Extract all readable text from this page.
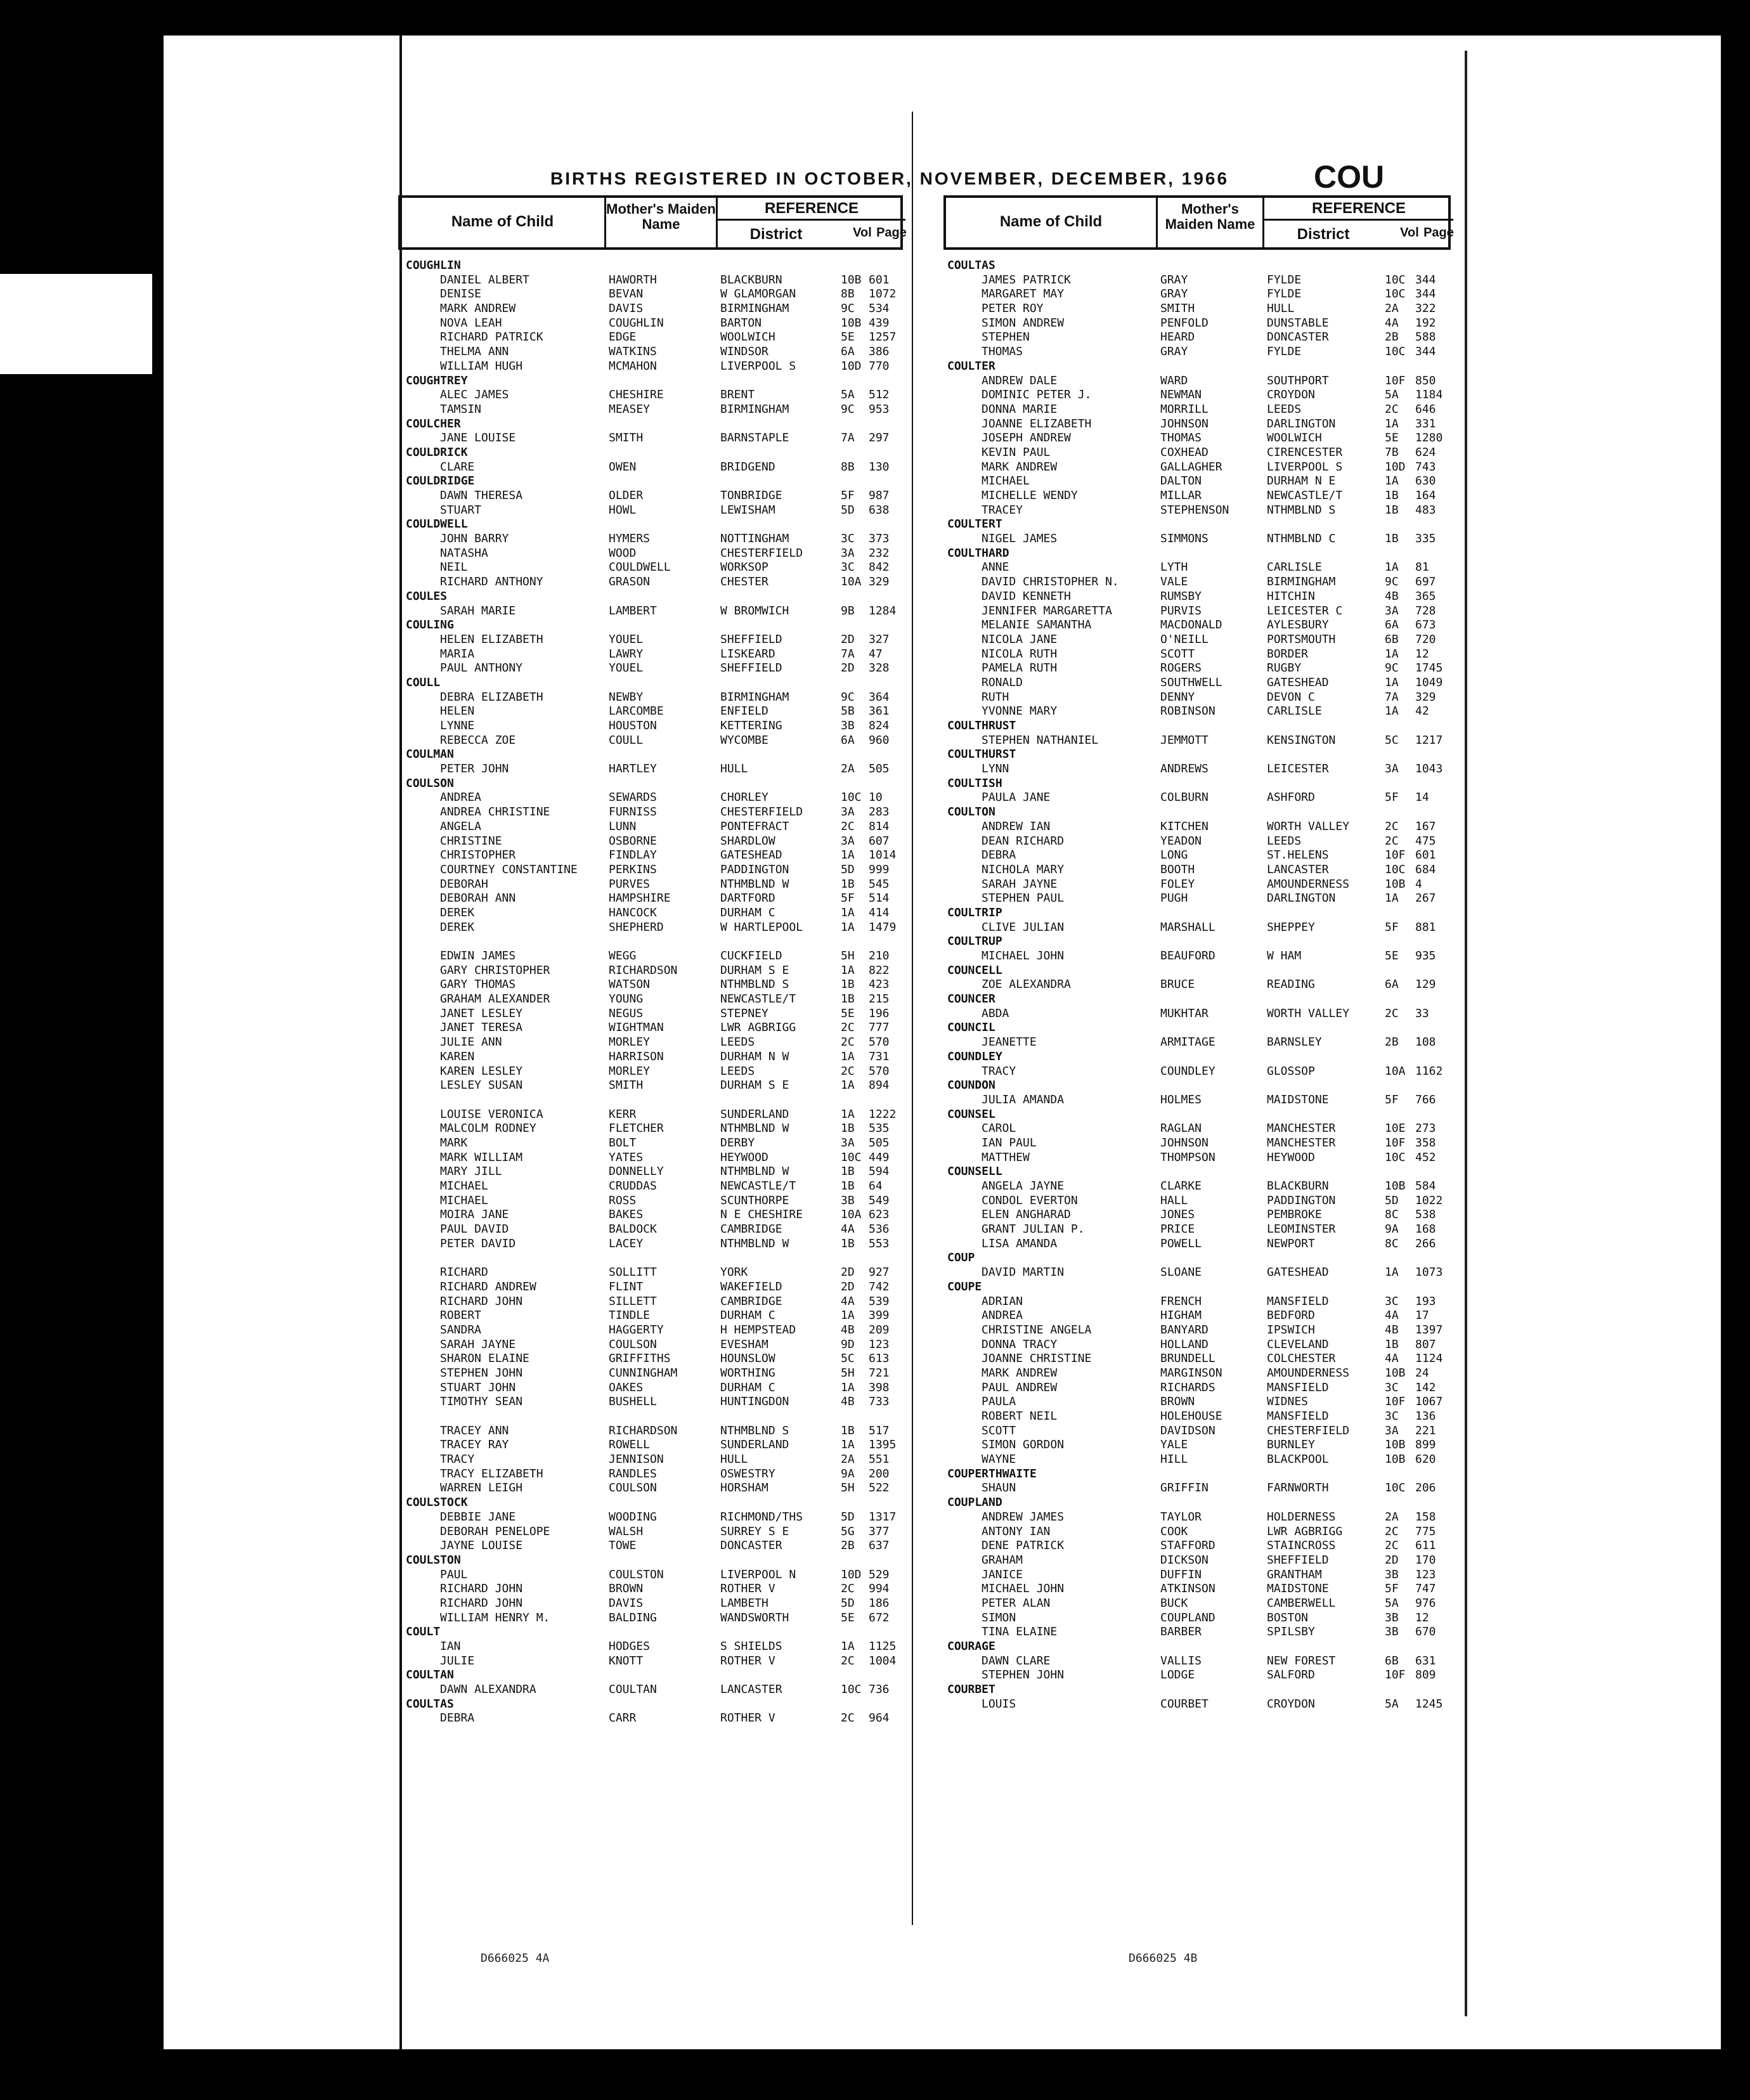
BIRTHS REGISTERED IN OCTOBER, NOVEMBER, DECEMBER, 1966	COU
Name of Child
Mother's Maiden Name
REFERENCE
District	Vol Page
Name of Child
Mother's Maiden Name
REFERENCE
District	Vol Page
COUGHLIN
DANIEL ALBERT	HAWORTH	BLACKBURN	10B 601
DENISE	BEVAN	W GLAMORGAN	8B 1072
MARK ANDREW	DAVIS	BIRMINGHAM	9C 534
NOVA LEAH	COUGHLIN	BARTON	10B 439
RICHARD PATRICK	EDGE	WOOLWICH	5E 1257
THELMA ANN	WATKINS	WINDSOR	6A 386
WILLIAM HUGH	MCMAHON	LIVERPOOL S	10D 770
COUGHTREY
ALEC JAMES	CHESHIRE	BRENT	5A 512
TAMSIN	MEASEY	BIRMINGHAM	9C 953
COULCHER
JANE LOUISE	SMITH	BARNSTAPLE	7A 297
COULDRICK
CLARE	OWEN	BRIDGEND	8B 130
COULDRIDGE
DAWN THERESA	OLDER	TONBRIDGE	5F 987
STUART	HOWL	LEWISHAM	5D 638
COULDWELL
JOHN BARRY	HYMERS	NOTTINGHAM	3C 373
NATASHA	WOOD	CHESTERFIELD	3A 232
NEIL	COULDWELL	WORKSOP	3C 842
RICHARD ANTHONY	GRASON	CHESTER	10A 329
COULES
SARAH MARIE	LAMBERT	W BROMWICH	9B 1284
COULING
HELEN ELIZABETH	YOUEL	SHEFFIELD	2D 327
MARIA	LAWRY	LISKEARD	7A 47
PAUL ANTHONY	YOUEL	SHEFFIELD	2D 328
COULL
DEBRA ELIZABETH	NEWBY	BIRMINGHAM	9C 364
HELEN	LARCOMBE	ENFIELD	5B 361
LYNNE	HOUSTON	KETTERING	3B 824
REBECCA ZOE	COULL	WYCOMBE	6A 960
COULMAN
PETER JOHN	HARTLEY	HULL	2A 505
COULSON
ANDREA	SEWARDS	CHORLEY	10C 10
ANDREA CHRISTINE	FURNISS	CHESTERFIELD	3A 283
ANGELA	LUNN	PONTEFRACT	2C 814
CHRISTINE	OSBORNE	SHARDLOW	3A 607
CHRISTOPHER	FINDLAY	GATESHEAD	1A 1014
COURTNEY CONSTANTINE	PERKINS	PADDINGTON	5D 999
DEBORAH	PURVES	NTHMBLND W	1B 545
DEBORAH ANN	HAMPSHIRE	DARTFORD	5F 514
DEREK	HANCOCK	DURHAM C	1A 414
DEREK	SHEPHERD	W HARTLEPOOL	1A 1479
EDWIN JAMES	WEGG	CUCKFIELD	5H 210
GARY CHRISTOPHER	RICHARDSON	DURHAM S E	1A 822
GARY THOMAS	WATSON	NTHMBLND S	1B 423
GRAHAM ALEXANDER	YOUNG	NEWCASTLE/T	1B 215
JANET LESLEY	NEGUS	STEPNEY	5E 196
JANET TERESA	WIGHTMAN	LWR AGBRIGG	2C 777
JULIE ANN	MORLEY	LEEDS	2C 570
KAREN	HARRISON	DURHAM N W	1A 731
KAREN LESLEY	MORLEY	LEEDS	2C 570
LESLEY SUSAN	SMITH	DURHAM S E	1A 894
LOUISE VERONICA	KERR	SUNDERLAND	1A 1222
MALCOLM RODNEY	FLETCHER	NTHMBLND W	1B 535
MARK	BOLT	DERBY	3A 505
MARK WILLIAM	YATES	HEYWOOD	10C 449
MARY JILL	DONNELLY	NTHMBLND W	1B 594
MICHAEL	CRUDDAS	NEWCASTLE/T	1B 64
MICHAEL	ROSS	SCUNTHORPE	3B 549
MOIRA JANE	BAKES	N E CHESHIRE	10A 623
PAUL DAVID	BALDOCK	CAMBRIDGE	4A 536
PETER DAVID	LACEY	NTHMBLND W	1B 553
RICHARD	SOLLITT	YORK	2D 927
RICHARD ANDREW	FLINT	WAKEFIELD	2D 742
RICHARD JOHN	SILLETT	CAMBRIDGE	4A 539
ROBERT	TINDLE	DURHAM C	1A 399
SANDRA	HAGGERTY	H HEMPSTEAD	4B 209
SARAH JAYNE	COULSON	EVESHAM	9D 123
SHARON ELAINE	GRIFFITHS	HOUNSLOW	5C 613
STEPHEN JOHN	CUNNINGHAM	WORTHING	5H 721
STUART JOHN	OAKES	DURHAM C	1A 398
TIMOTHY SEAN	BUSHELL	HUNTINGDON	4B 733
TRACEY ANN	RICHARDSON	NTHMBLND S	1B 517
TRACEY RAY	ROWELL	SUNDERLAND	1A 1395
TRACY	JENNISON	HULL	2A 551
TRACY ELIZABETH	RANDLES	OSWESTRY	9A 200
WARREN LEIGH	COULSON	HORSHAM	5H 522
COULSTOCK
DEBBIE JANE	WOODING	RICHMOND/THS	5D 1317
DEBORAH PENELOPE	WALSH	SURREY S E	5G 377
JAYNE LOUISE	TOWE	DONCASTER	2B 637
COULSTON
PAUL	COULSTON	LIVERPOOL N	10D 529
RICHARD JOHN	BROWN	ROTHER V	2C 994
RICHARD JOHN	DAVIS	LAMBETH	5D 186
WILLIAM HENRY M.	BALDING	WANDSWORTH	5E 672
COULT
IAN	HODGES	S SHIELDS	1A 1125
JULIE	KNOTT	ROTHER V	2C 1004
COULTAN
DAWN ALEXANDRA	COULTAN	LANCASTER	10C 736
COULTAS
DEBRA	CARR	ROTHER V	2C 964
COULTAS
JAMES PATRICK	GRAY	FYLDE	10C 344
MARGARET MAY	GRAY	FYLDE	10C 344
PETER ROY	SMITH	HULL	2A 322
SIMON ANDREW	PENFOLD	DUNSTABLE	4A 192
STEPHEN	HEARD	DONCASTER	2B 588
THOMAS	GRAY	FYLDE	10C 344
COULTER
ANDREW DALE	WARD	SOUTHPORT	10F 850
DOMINIC PETER J.	NEWMAN	CROYDON	5A 1184
DONNA MARIE	MORRILL	LEEDS	2C 646
JOANNE ELIZABETH	JOHNSON	DARLINGTON	1A 331
JOSEPH ANDREW	THOMAS	WOOLWICH	5E 1280
KEVIN PAUL	COXHEAD	CIRENCESTER	7B 624
MARK ANDREW	GALLAGHER	LIVERPOOL S	10D 743
MICHAEL	DALTON	DURHAM N E	1A 630
MICHELLE WENDY	MILLAR	NEWCASTLE/T	1B 164
TRACEY	STEPHENSON	NTHMBLND S	1B 483
COULTERT
NIGEL JAMES	SIMMONS	NTHMBLND C	1B 335
COULTHARD
ANNE	LYTH	CARLISLE	1A 81
DAVID CHRISTOPHER N.	VALE	BIRMINGHAM	9C 697
DAVID KENNETH	RUMSBY	HITCHIN	4B 365
JENNIFER MARGARETTA	PURVIS	LEICESTER C	3A 728
MELANIE SAMANTHA	MACDONALD	AYLESBURY	6A 673
NICOLA JANE	O'NEILL	PORTSMOUTH	6B 720
NICOLA RUTH	SCOTT	BORDER	1A 12
PAMELA RUTH	ROGERS	RUGBY	9C 1745
RONALD	SOUTHWELL	GATESHEAD	1A 1049
RUTH	DENNY	DEVON C	7A 329
YVONNE MARY	ROBINSON	CARLISLE	1A 42
COULTHRUST
STEPHEN NATHANIEL	JEMMOTT	KENSINGTON	5C 1217
COULTHURST
LYNN	ANDREWS	LEICESTER	3A 1043
COULTISH
PAULA JANE	COLBURN	ASHFORD	5F 14
COULTON
ANDREW IAN	KITCHEN	WORTH VALLEY	2C 167
DEAN RICHARD	YEADON	LEEDS	2C 475
DEBRA	LONG	ST.HELENS	10F 601
NICHOLA MARY	BOOTH	LANCASTER	10C 684
SARAH JAYNE	FOLEY	AMOUNDERNESS	10B 4
STEPHEN PAUL	PUGH	DARLINGTON	1A 267
COULTRIP
CLIVE JULIAN	MARSHALL	SHEPPEY	5F 881
COULTRUP
MICHAEL JOHN	BEAUFORD	W HAM	5E 935
COUNCELL
ZOE ALEXANDRA	BRUCE	READING	6A 129
COUNCER
ABDA	MUKHTAR	WORTH VALLEY	2C 33
COUNCIL
JEANETTE	ARMITAGE	BARNSLEY	2B 108
COUNDLEY
TRACY	COUNDLEY	GLOSSOP	10A 1162
COUNDON
JULIA AMANDA	HOLMES	MAIDSTONE	5F 766
COUNSEL
CAROL	RAGLAN	MANCHESTER	10E 273
IAN PAUL	JOHNSON	MANCHESTER	10F 358
MATTHEW	THOMPSON	HEYWOOD	10C 452
COUNSELL
ANGELA JAYNE	CLARKE	BLACKBURN	10B 584
CONDOL EVERTON	HALL	PADDINGTON	5D 1022
ELEN ANGHARAD	JONES	PEMBROKE	8C 538
GRANT JULIAN P.	PRICE	LEOMINSTER	9A 168
LISA AMANDA	POWELL	NEWPORT	8C 266
COUP
DAVID MARTIN	SLOANE	GATESHEAD	1A 1073
COUPE
ADRIAN	FRENCH	MANSFIELD	3C 193
ANDREA	HIGHAM	BEDFORD	4A 17
CHRISTINE ANGELA	BANYARD	IPSWICH	4B 1397
DONNA TRACY	HOLLAND	CLEVELAND	1B 807
JOANNE CHRISTINE	BRUNDELL	COLCHESTER	4A 1124
MARK ANDREW	MARGINSON	AMOUNDERNESS	10B 24
PAUL ANDREW	RICHARDS	MANSFIELD	3C 142
PAULA	BROWN	WIDNES	10F 1067
ROBERT NEIL	HOLEHOUSE	MANSFIELD	3C 136
SCOTT	DAVIDSON	CHESTERFIELD	3A 221
SIMON GORDON	YALE	BURNLEY	10B 899
WAYNE	HILL	BLACKPOOL	10B 620
COUPERTHWAITE
SHAUN	GRIFFIN	FARNWORTH	10C 206
COUPLAND
ANDREW JAMES	TAYLOR	HOLDERNESS	2A 158
ANTONY IAN	COOK	LWR AGBRIGG	2C 775
DENE PATRICK	STAFFORD	STAINCROSS	2C 611
GRAHAM	DICKSON	SHEFFIELD	2D 170
JANICE	DUFFIN	GRANTHAM	3B 123
MICHAEL JOHN	ATKINSON	MAIDSTONE	5F 747
PETER ALAN	BUCK	CAMBERWELL	5A 976
SIMON	COUPLAND	BOSTON	3B 12
TINA ELAINE	BARBER	SPILSBY	3B 670
COURAGE
DAWN CLARE	VALLIS	NEW FOREST	6B 631
STEPHEN JOHN	LODGE	SALFORD	10F 809
COURBET
LOUIS	COURBET	CROYDON	5A 1245
D666025 4A	D666025 4B
